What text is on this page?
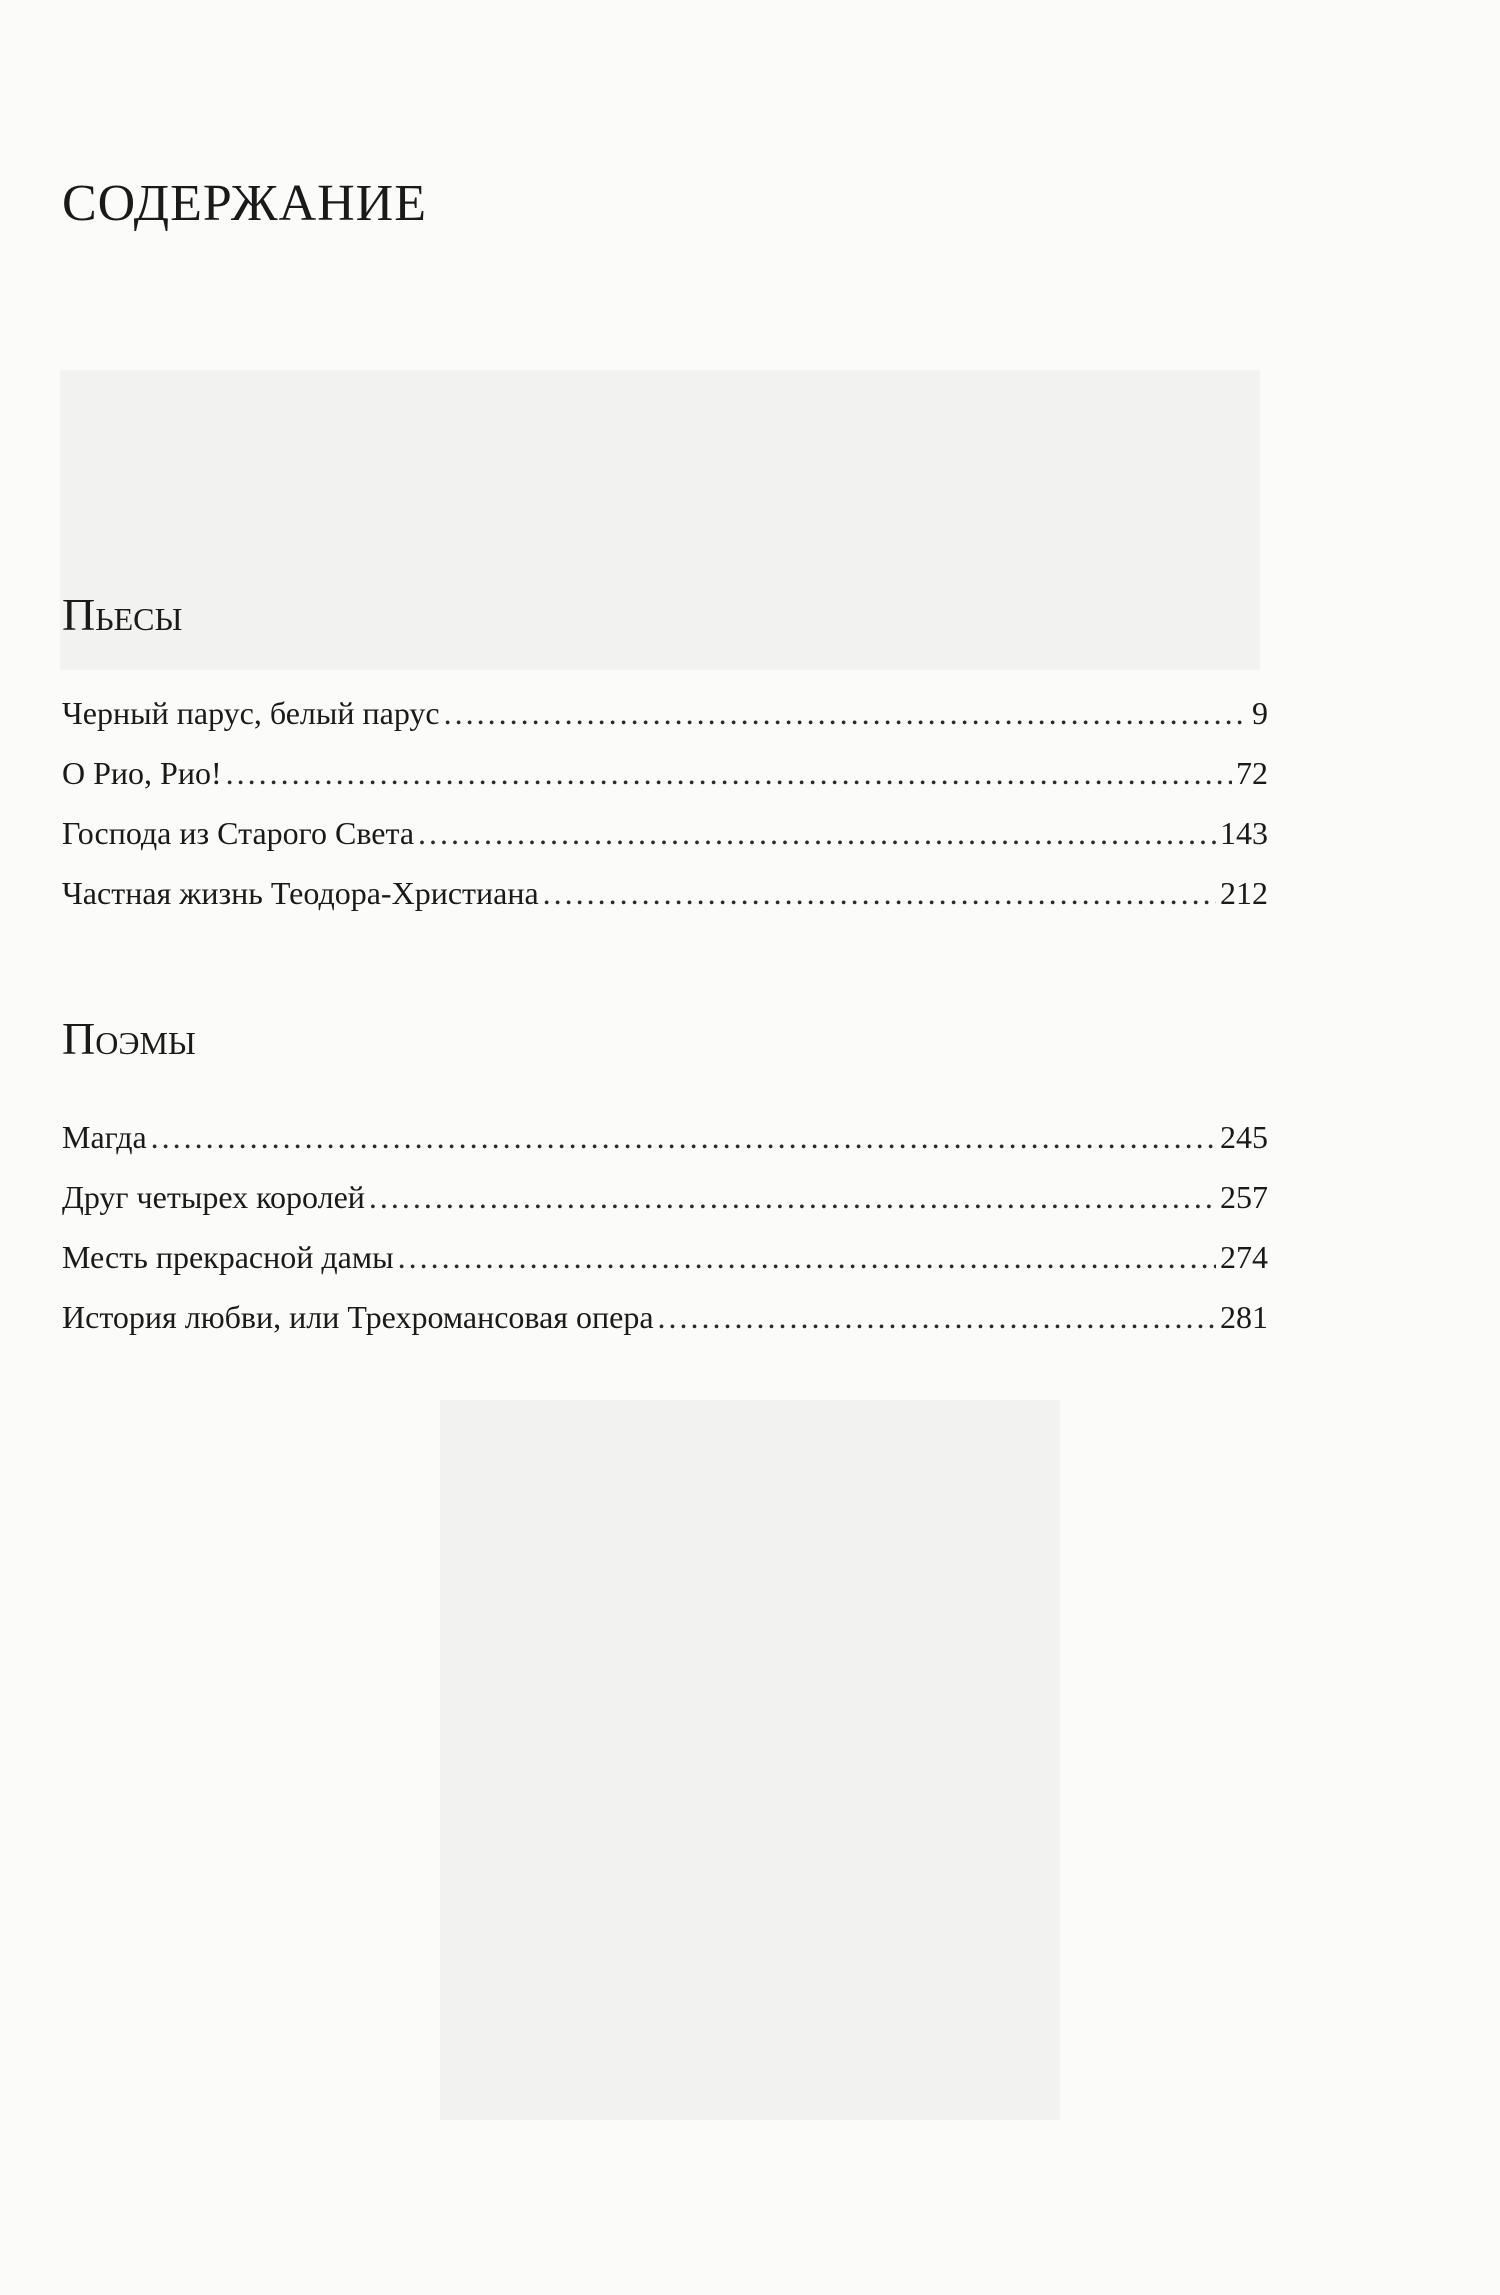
СОДЕРЖАНИЕ
Пьесы
Черный парус, белый парус .....	9
О Рио, Рио! .....	72
Господа из Старого Света .....	143
Частная жизнь Теодора-Христиана .....	212
Поэмы
Магда .....	245
Друг четырех королей .....	257
Месть прекрасной дамы .....	274
История любви, или Трехромансовая опера .....	281
